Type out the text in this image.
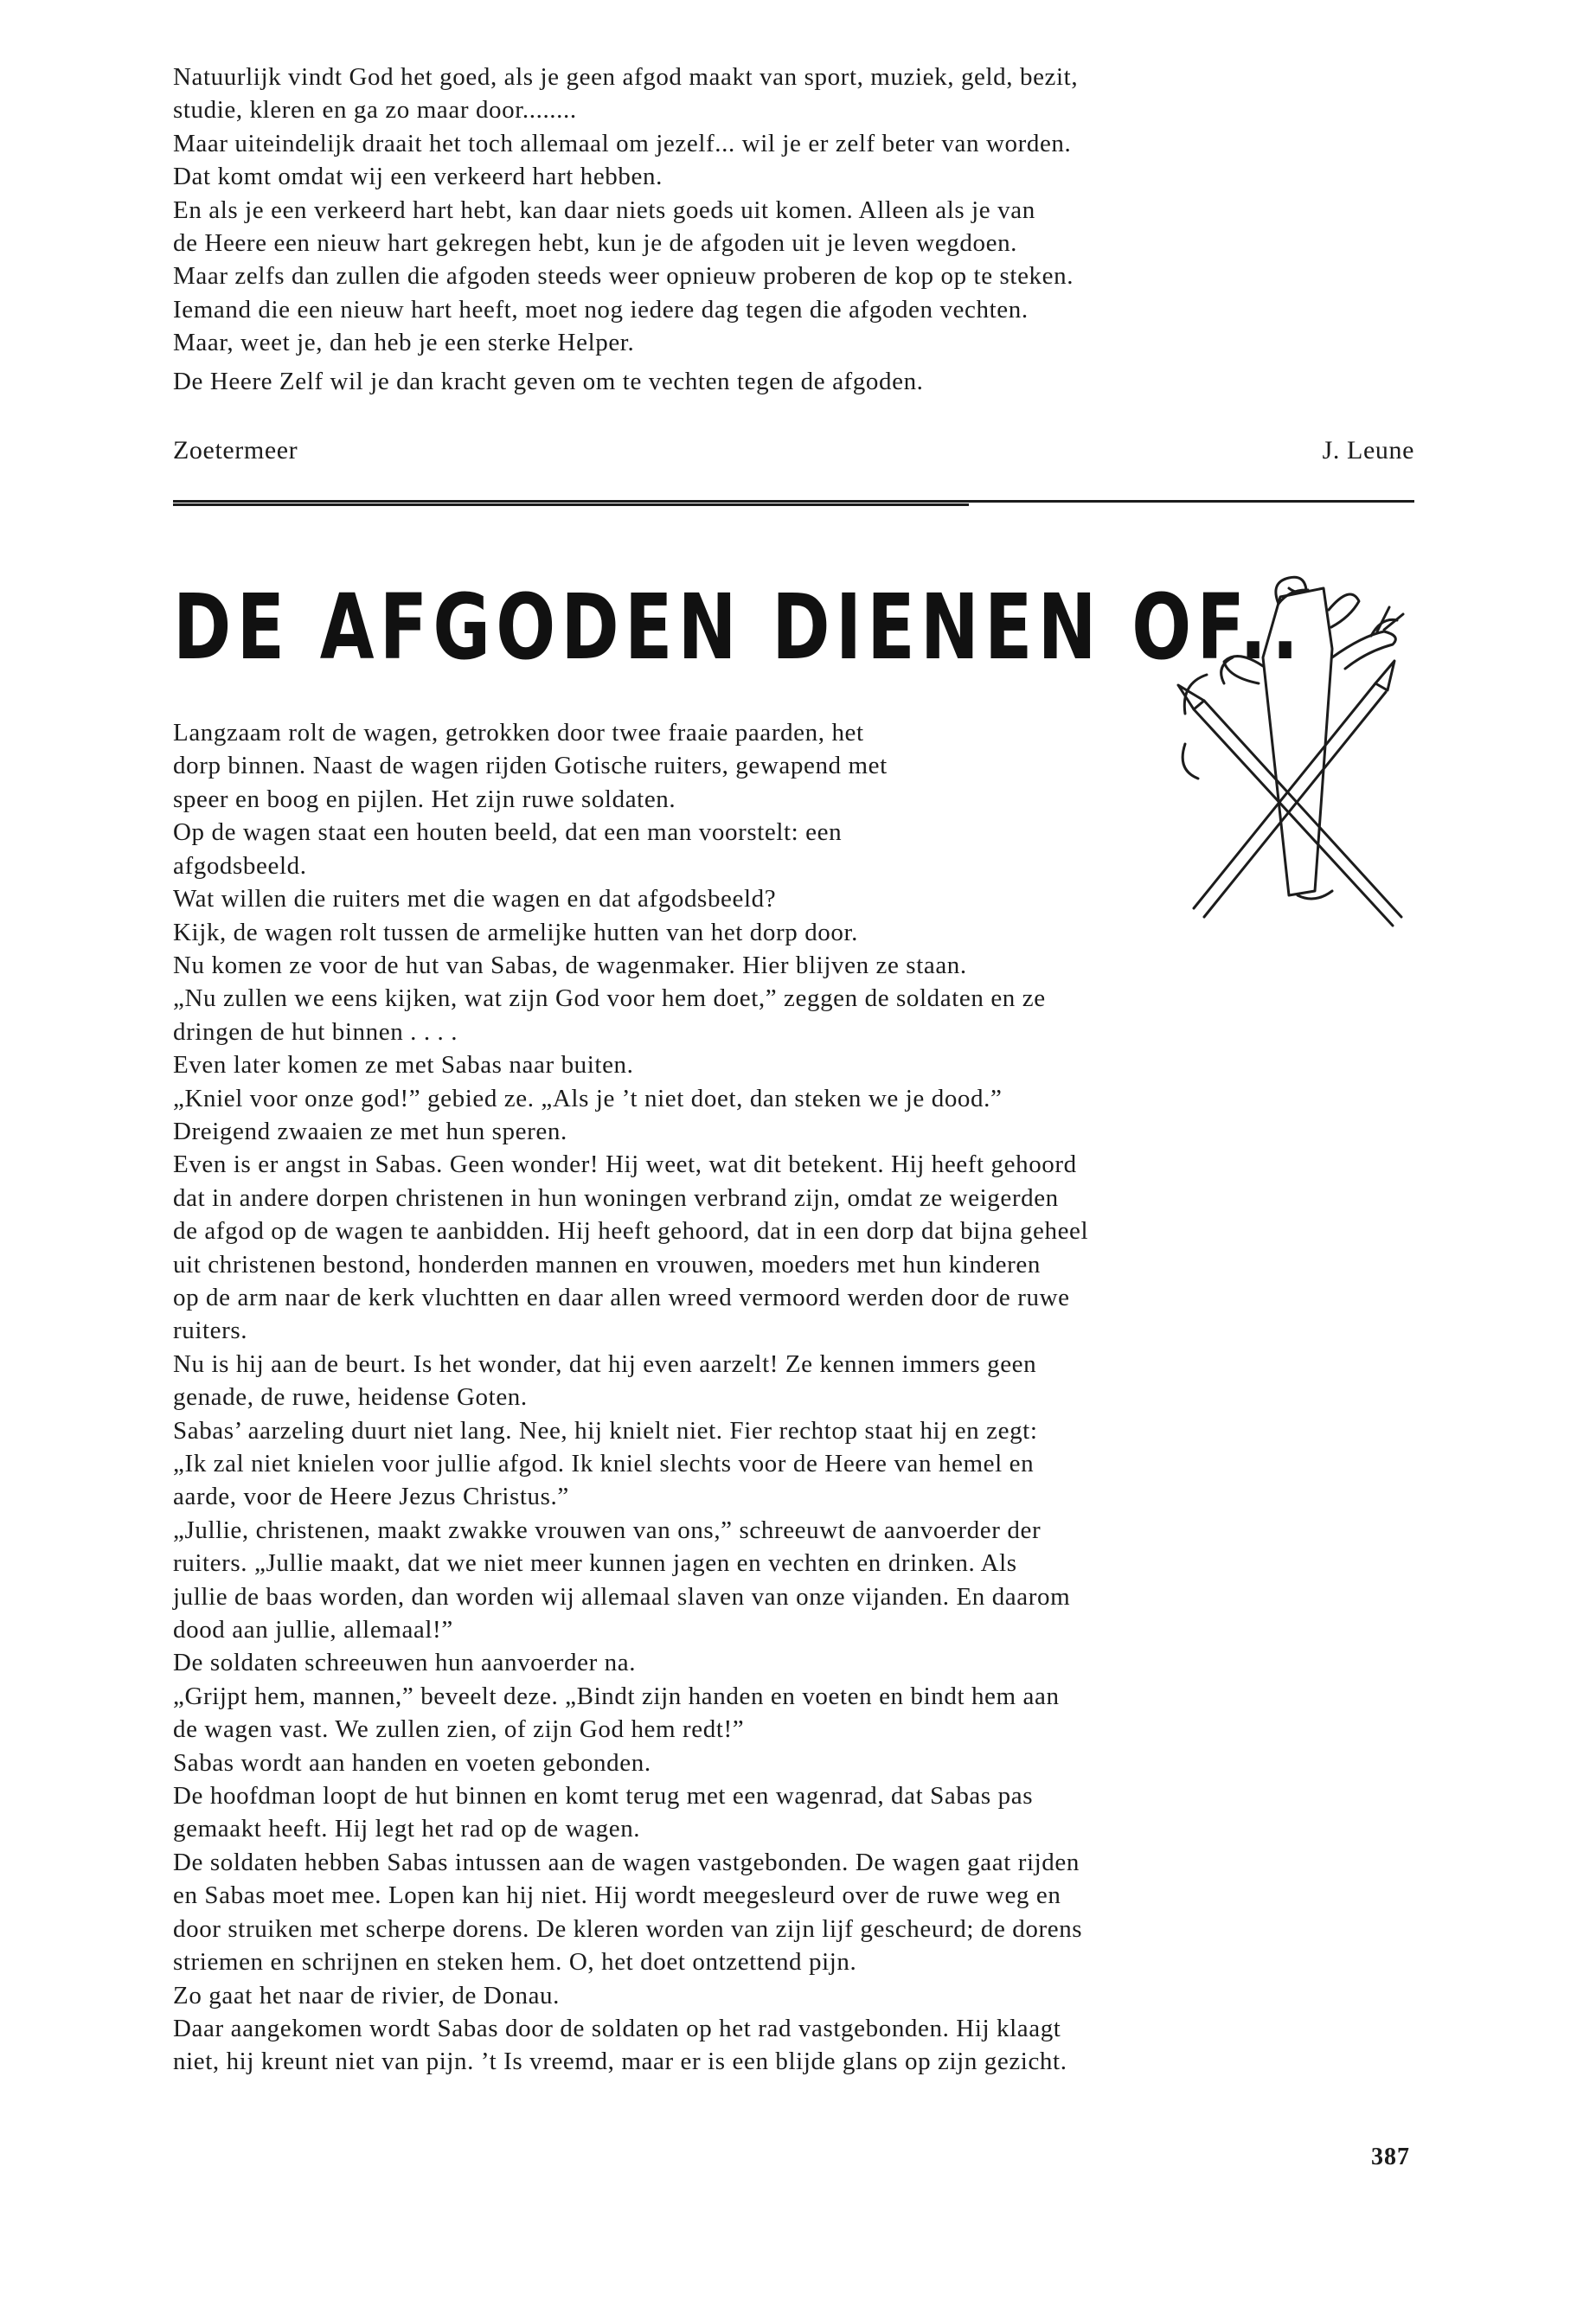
Natuurlijk vindt God het goed, als je geen afgod maakt van sport, muziek, geld, bezit,

studie, kleren en ga zo maar door........

Maar uiteindelijk draait het toch allemaal om jezelf... wil je er zelf beter van worden.

Dat komt omdat wij een verkeerd hart hebben.

En als je een verkeerd hart hebt, kan daar niets goeds uit komen. Alleen als je van

de Heere een nieuw hart gekregen hebt, kun je de afgoden uit je leven wegdoen.

Maar zelfs dan zullen die afgoden steeds weer opnieuw proberen de kop op te steken.

Iemand die een nieuw hart heeft, moet nog iedere dag tegen die afgoden vechten.

Maar, weet je, dan heb je een sterke Helper.

De Heere Zelf wil je dan kracht geven om te vechten tegen de afgoden.

Zoetermeer	J. Leune
DE AFGODEN DIENEN OF..

Langzaam rolt de wagen, getrokken door twee fraaie paarden, het

dorp binnen. Naast de wagen rijden Gotische ruiters, gewapend met

speer en boog en pijlen. Het zijn ruwe soldaten.

Op de wagen staat een houten beeld, dat een man voorstelt: een

afgodsbeeld.

Wat willen die ruiters met die wagen en dat afgodsbeeld?

Kijk, de wagen rolt tussen de armelijke hutten van het dorp door.

Nu komen ze voor de hut van Sabas, de wagenmaker. Hier blijven ze staan.

„Nu zullen we eens kijken, wat zijn God voor hem doet,” zeggen de soldaten en ze

dringen de hut binnen . . . .

Even later komen ze met Sabas naar buiten.

„Kniel voor onze god!” gebied ze. „Als je ’t niet doet, dan steken we je dood.”

Dreigend zwaaien ze met hun speren.

Even is er angst in Sabas. Geen wonder! Hij weet, wat dit betekent. Hij heeft gehoord

dat in andere dorpen christenen in hun woningen verbrand zijn, omdat ze weigerden

de afgod op de wagen te aanbidden. Hij heeft gehoord, dat in een dorp dat bijna geheel

uit christenen bestond, honderden mannen en vrouwen, moeders met hun kinderen

op de arm naar de kerk vluchtten en daar allen wreed vermoord werden door de ruwe

ruiters.

Nu is hij aan de beurt. Is het wonder, dat hij even aarzelt! Ze kennen immers geen

genade, de ruwe, heidense Goten.

Sabas’ aarzeling duurt niet lang. Nee, hij knielt niet. Fier rechtop staat hij en zegt:

„Ik zal niet knielen voor jullie afgod. Ik kniel slechts voor de Heere van hemel en

aarde, voor de Heere Jezus Christus.”

„Jullie, christenen, maakt zwakke vrouwen van ons,” schreeuwt de aanvoerder der

ruiters. „Jullie maakt, dat we niet meer kunnen jagen en vechten en drinken. Als

jullie de baas worden, dan worden wij allemaal slaven van onze vijanden. En daarom

dood aan jullie, allemaal!”

De soldaten schreeuwen hun aanvoerder na.

„Grijpt hem, mannen,” beveelt deze. „Bindt zijn handen en voeten en bindt hem aan

de wagen vast. We zullen zien, of zijn God hem redt!”

Sabas wordt aan handen en voeten gebonden.

De hoofdman loopt de hut binnen en komt terug met een wagenrad, dat Sabas pas

gemaakt heeft. Hij legt het rad op de wagen.

De soldaten hebben Sabas intussen aan de wagen vastgebonden. De wagen gaat rijden

en Sabas moet mee. Lopen kan hij niet. Hij wordt meegesleurd over de ruwe weg en

door struiken met scherpe dorens. De kleren worden van zijn lijf gescheurd; de dorens

striemen en schrijnen en steken hem. O, het doet ontzettend pijn.

Zo gaat het naar de rivier, de Donau.

Daar aangekomen wordt Sabas door de soldaten op het rad vastgebonden. Hij klaagt

niet, hij kreunt niet van pijn. ’t Is vreemd, maar er is een blijde glans op zijn gezicht.

387
